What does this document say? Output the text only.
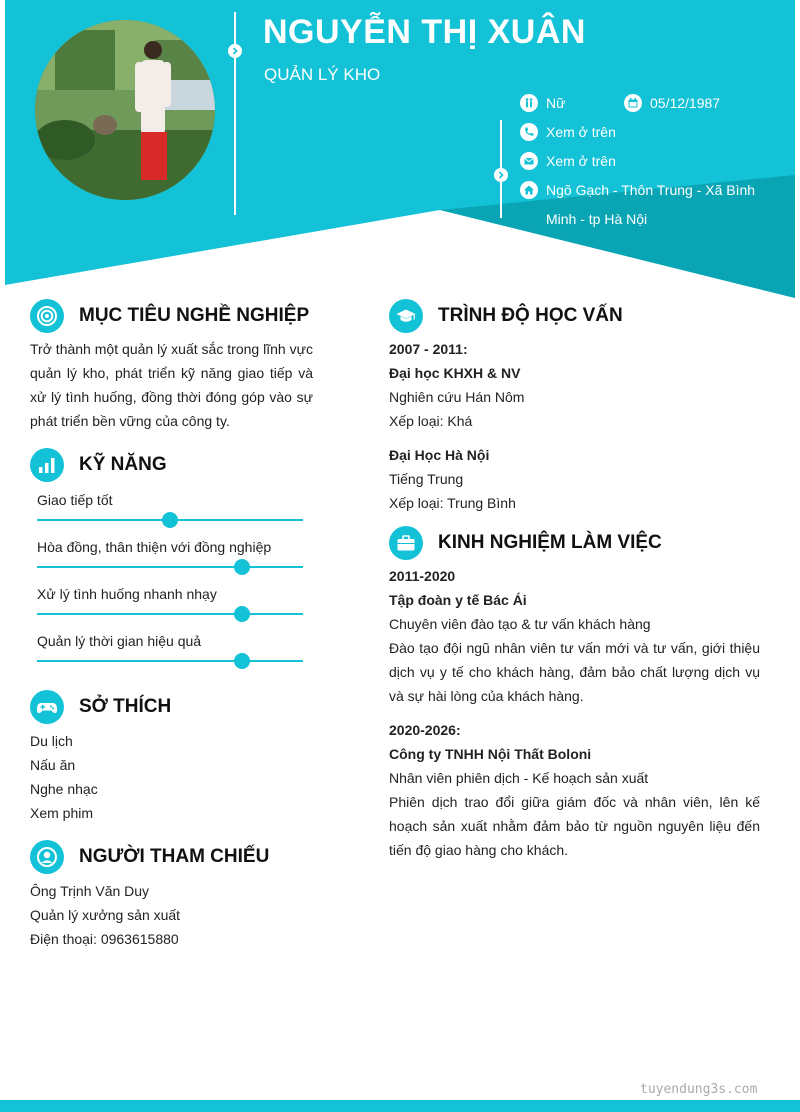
NGUYỄN THỊ XUÂN
QUẢN LÝ KHO
Nữ	05/12/1987
Xem ở trên
Xem ở trên
Ngõ Gạch - Thôn Trung - Xã Bình Minh - tp Hà Nội
MỤC TIÊU NGHỀ NGHIỆP
Trở thành một quản lý xuất sắc trong lĩnh vực quản lý kho, phát triển kỹ năng giao tiếp và xử lý tình huống, đồng thời đóng góp vào sự phát triển bền vững của công ty.
KỸ NĂNG
Giao tiếp tốt
Hòa đồng, thân thiện với đồng nghiệp
Xử lý tình huống nhanh nhạy
Quản lý thời gian hiệu quả
SỞ THÍCH
Du lịch
Nấu ăn
Nghe nhạc
Xem phim
NGƯỜI THAM CHIẾU
Ông Trịnh Văn Duy
Quản lý xưởng sản xuất
Điện thoại: 0963615880
TRÌNH ĐỘ HỌC VẤN
2007 - 2011:
Đại học KHXH & NV
Nghiên cứu Hán Nôm
Xếp loại: Khá
Đại Học Hà Nội
Tiếng Trung
Xếp loại: Trung Bình
KINH NGHIỆM LÀM VIỆC
2011-2020
Tập đoàn y tế Bác Ái
Chuyên viên đào tạo & tư vấn khách hàng
Đào tạo đội ngũ nhân viên tư vấn mới và tư vấn, giới thiệu dịch vụ y tế cho khách hàng, đảm bảo chất lượng dịch vụ và sự hài lòng của khách hàng.
2020-2026:
Công ty TNHH Nội Thất Boloni
Nhân viên phiên dịch - Kế hoạch sản xuất
Phiên dịch trao đổi giữa giám đốc và nhân viên, lên kế hoạch sản xuất nhằm đảm bảo từ nguồn nguyên liệu đến tiến độ giao hàng cho khách.
tuyendung3s.com
